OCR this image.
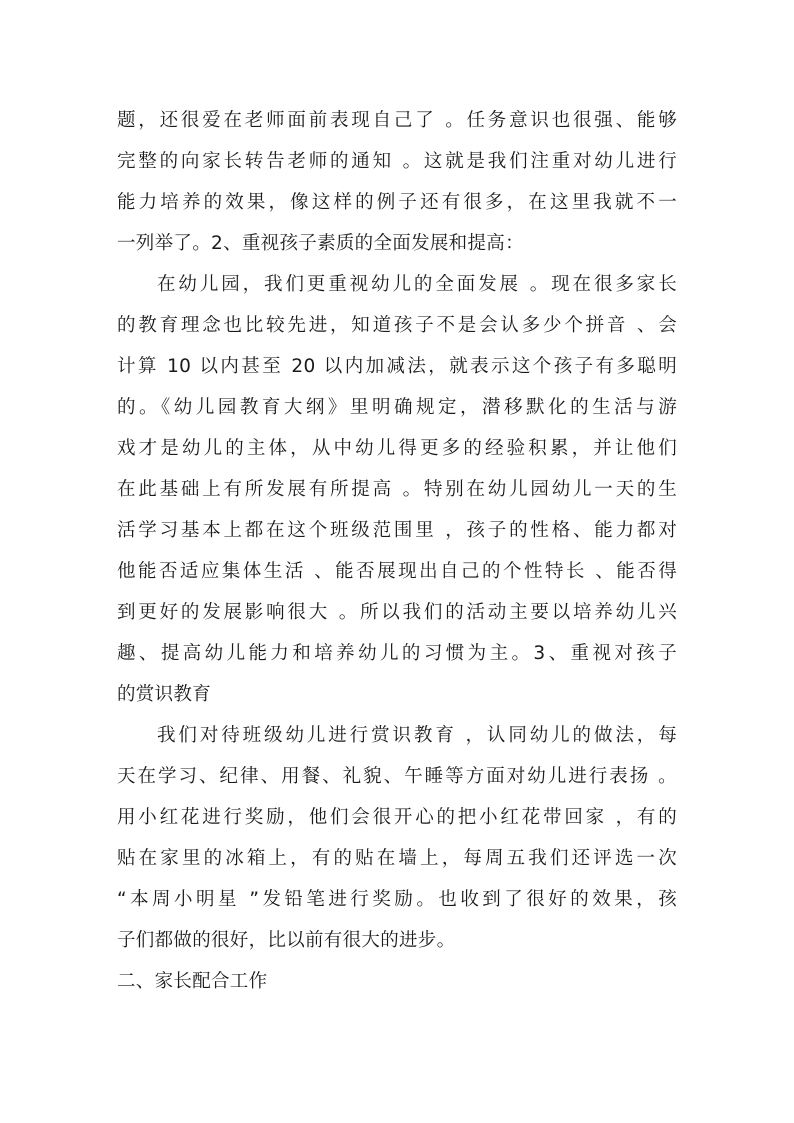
题，还很爱在老师面前表现自己了 。任务意识也很强、能够
完整的向家长转告老师的通知 。这就是我们注重对幼儿进行
能力培养的效果，像这样的例子还有很多，在这里我就不一
一列举了。2、重视孩子素质的全面发展和提高：
在幼儿园，我们更重视幼儿的全面发展 。现在很多家长
的教育理念也比较先进，知道孩子不是会认多少个拼音 、会
计算 10 以内甚至 20 以内加减法，就表示这个孩子有多聪明
的。《幼儿园教育大纲》里明确规定，潜移默化的生活与游
戏才是幼儿的主体，从中幼儿得更多的经验积累，并让他们
在此基础上有所发展有所提高 。特别在幼儿园幼儿一天的生
活学习基本上都在这个班级范围里 ，孩子的性格、能力都对
他能否适应集体生活 、能否展现出自己的个性特长 、能否得
到更好的发展影响很大 。所以我们的活动主要以培养幼儿兴
趣、提高幼儿能力和培养幼儿的习惯为主。3、重视对孩子
的赏识教育
我们对待班级幼儿进行赏识教育 ，认同幼儿的做法，每
天在学习、纪律、用餐、礼貌、午睡等方面对幼儿进行表扬 。
用小红花进行奖励，他们会很开心的把小红花带回家 ，有的
贴在家里的冰箱上，有的贴在墙上，每周五我们还评选一次
“本周小明星 ”发铅笔进行奖励。也收到了很好的效果，孩
子们都做的很好，比以前有很大的进步。
二、家长配合工作
